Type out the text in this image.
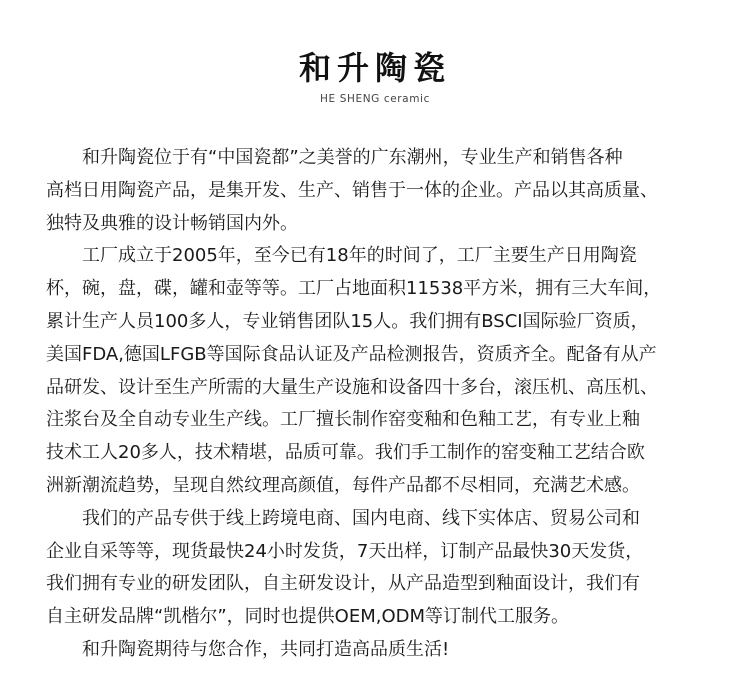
和升陶瓷
HE SHENG ceramic

和升陶瓷位于有“中国瓷都”之美誉的广东潮州，专业生产和销售各种
高档日用陶瓷产品，是集开发、生产、销售于一体的企业。产品以其高质量、
独特及典雅的设计畅销国内外。

工厂成立于2005年，至今已有18年的时间了，工厂主要生产日用陶瓷
杯，碗，盘，碟，罐和壶等等。工厂占地面积11538平方米，拥有三大车间，
累计生产人员100多人，专业销售团队15人。我们拥有BSCI国际验厂资质，
美国FDA,德国LFGB等国际食品认证及产品检测报告，资质齐全。配备有从产
品研发、设计至生产所需的大量生产设施和设备四十多台，滚压机、高压机、
注浆台及全自动专业生产线。工厂擅长制作窑变釉和色釉工艺，有专业上釉
技术工人20多人，技术精堪，品质可靠。我们手工制作的窑变釉工艺结合欧
洲新潮流趋势，呈现自然纹理高颜值，每件产品都不尽相同，充满艺术感。

我们的产品专供于线上跨境电商、国内电商、线下实体店、贸易公司和
企业自采等等，现货最快24小时发货，7天出样，订制产品最快30天发货，
我们拥有专业的研发团队，自主研发设计，从产品造型到釉面设计，我们有
自主研发品牌“凯楷尔”，同时也提供OEM,ODM等订制代工服务。

和升陶瓷期待与您合作，共同打造高品质生活!
